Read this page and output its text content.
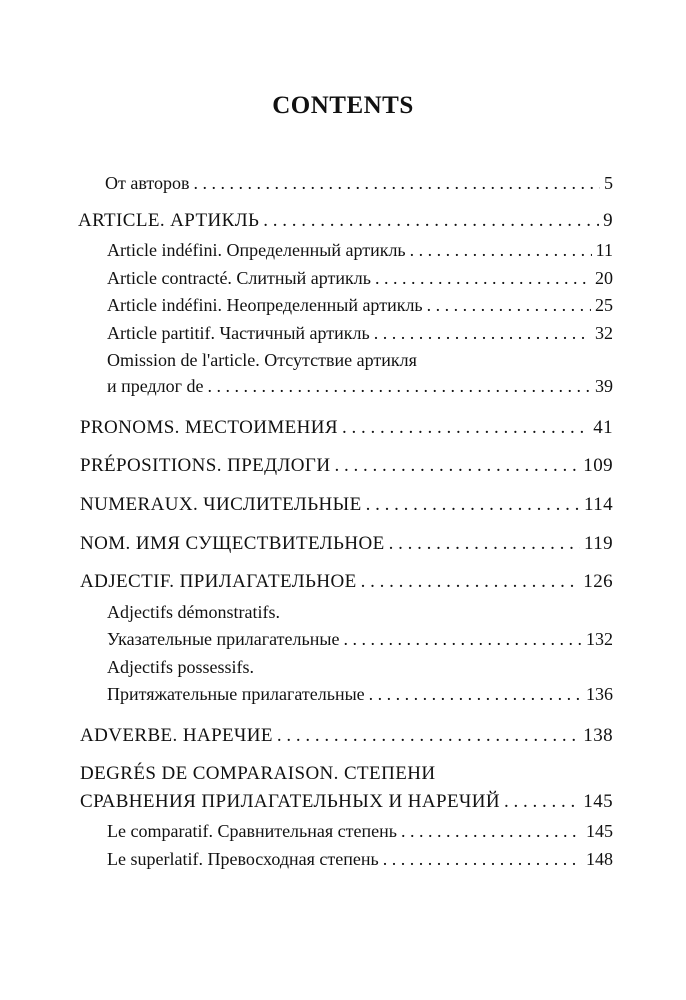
CONTENTS
От авторов . . .	5
ARTICLE. АРТИКЛЬ . . .	9
Article indéfini. Определенный артикль . . .	11
Article contracté. Слитный артикль . . .	20
Article indéfini. Неопределенный артикль . . .	25
Article partitif. Частичный артикль . . .	32
Omission de l'article. Отсутствие артикля
и предлог de . . .	39
PRONOMS. МЕСТОИМЕНИЯ . . .	41
PRÉPOSITIONS. ПРЕДЛОГИ . . .	109
NUMERAUX. ЧИСЛИТЕЛЬНЫЕ . . .	114
NOM. ИМЯ СУЩЕСТВИТЕЛЬНОЕ . . .	119
ADJECTIF. ПРИЛАГАТЕЛЬНОЕ . . .	126
Adjectifs démonstratifs.
Указательные прилагательные . . .	132
Adjectifs possessifs.
Притяжательные прилагательные . . .	136
ADVERBE. НАРЕЧИЕ . . .	138
DEGRÉS DE COMPARAISON. СТЕПЕНИ
СРАВНЕНИЯ ПРИЛАГАТЕЛЬНЫХ И НАРЕЧИЙ . . .	145
Le comparatif. Сравнительная степень . . .	145
Le superlatif. Превосходная степень . . .	148
